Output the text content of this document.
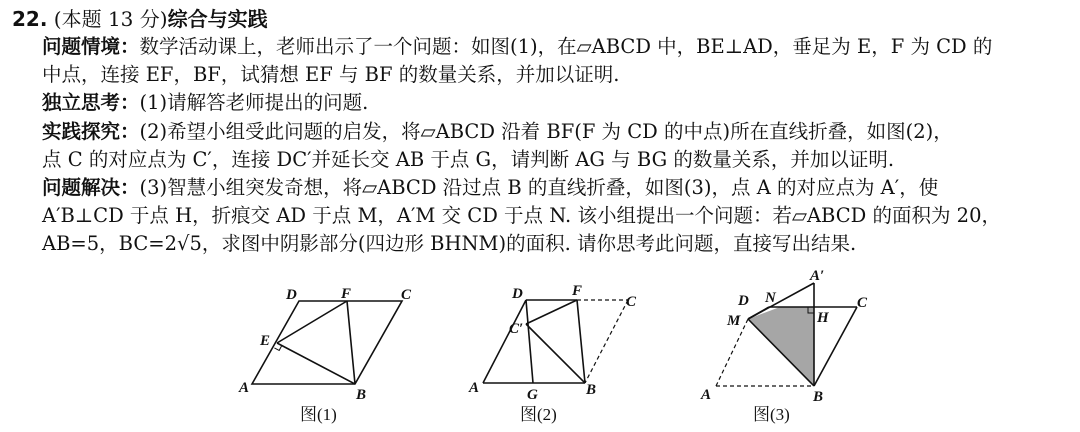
22. (本题 13 分)综合与实践
问题情境：数学活动课上，老师出示了一个问题：如图(1)，在▱ABCD 中，BE⊥AD，垂足为 E，F 为 CD 的
中点，连接 EF，BF，试猜想 EF 与 BF 的数量关系，并加以证明.
独立思考：(1)请解答老师提出的问题.
实践探究：(2)希望小组受此问题的启发，将▱ABCD 沿着 BF(F 为 CD 的中点)所在直线折叠，如图(2)，
点 C 的对应点为 C′，连接 DC′并延长交 AB 于点 G，请判断 AG 与 BG 的数量关系，并加以证明.
问题解决：(3)智慧小组突发奇想，将▱ABCD 沿过点 B 的直线折叠，如图(3)，点 A 的对应点为 A′，使
A′B⊥CD 于点 H，折痕交 AD 于点 M，A′M 交 CD 于点 N. 该小组提出一个问题：若▱ABCD 的面积为 20，
AB=5，BC=2√5，求图中阴影部分(四边形 BHNM)的面积. 请你思考此问题，直接写出结果.
D	F	C
E
A	B
图(1)
D	F
C
C′
A	G	B
图(2)
A′
D N	C
M	H
A	B
图(3)
